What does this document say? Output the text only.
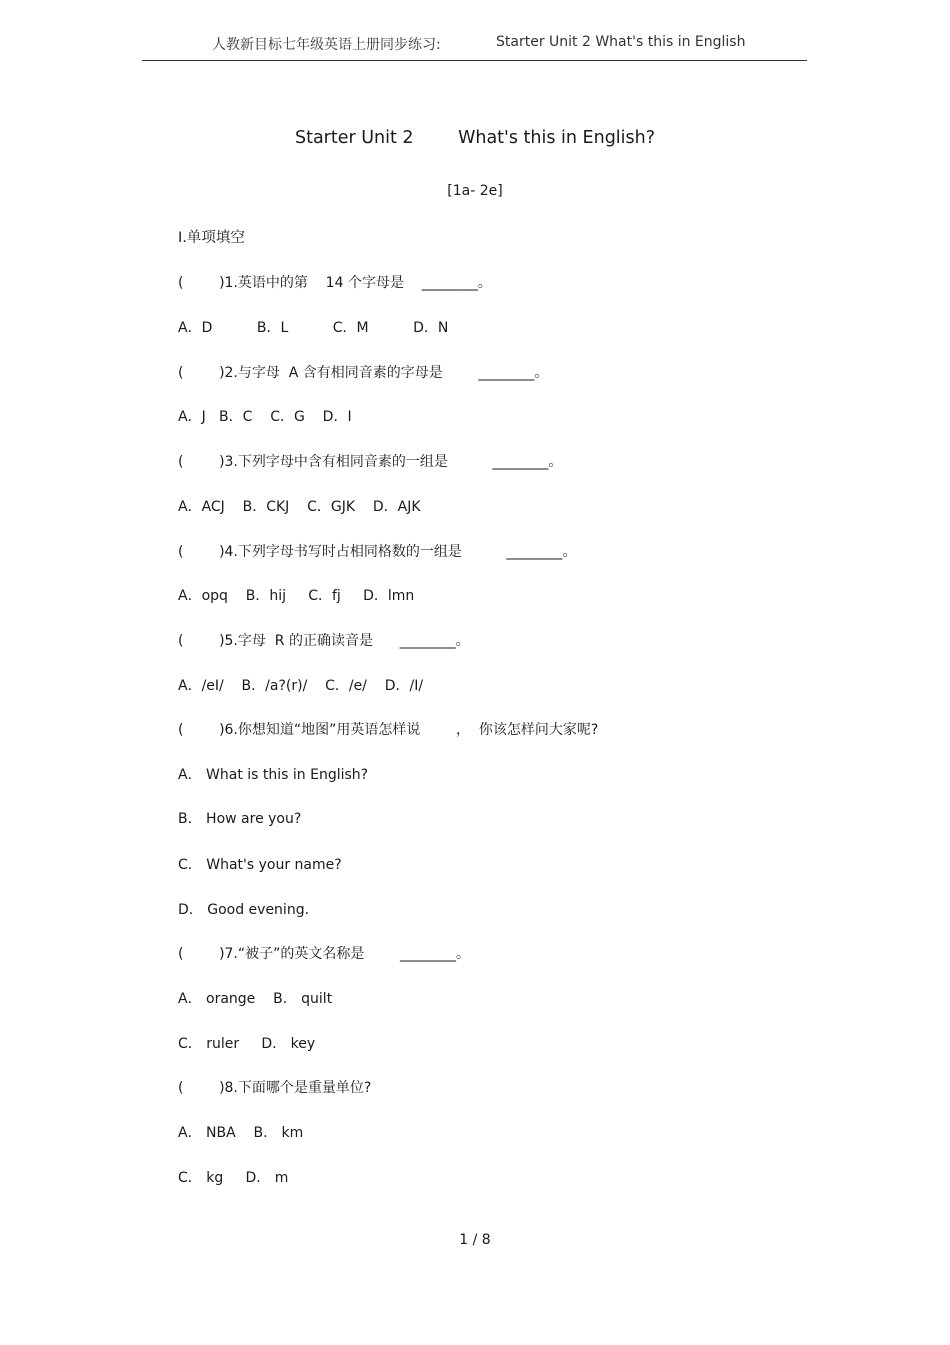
人教新目标七年级英语上册同步练习:	Starter Unit 2 What's this in English
Starter Unit 2        What's this in English?
[1a- 2e]
Ⅰ.单项填空
(        )1.英语中的第    14 个字母是    ________。
A．D          B．L          C．M          D．N
(        )2.与字母  A 含有相同音素的字母是        ________。
A．J   B．C    C．G    D．I
(        )3.下列字母中含有相同音素的一组是          ________。
A．ACJ    B．CKJ    C．GJK    D．AJK
(        )4.下列字母书写时占相同格数的一组是          ________。
A．opq    B．hij     C．fj     D．lmn
(        )5.字母  R 的正确读音是      ________。
A．/eI/    B．/a?(r)/    C．/e/    D．/I/
(        )6.你想知道“地图”用英语怎样说        ，  你该怎样问大家呢?
A． What is this in English?
B． How are you?
C． What's your name?
D． Good evening.
(        )7.“被子”的英文名称是        ________。
A． orange    B． quilt
C． ruler     D． key
(        )8.下面哪个是重量单位?
A． NBA    B． km
C． kg     D． m
1 / 8
